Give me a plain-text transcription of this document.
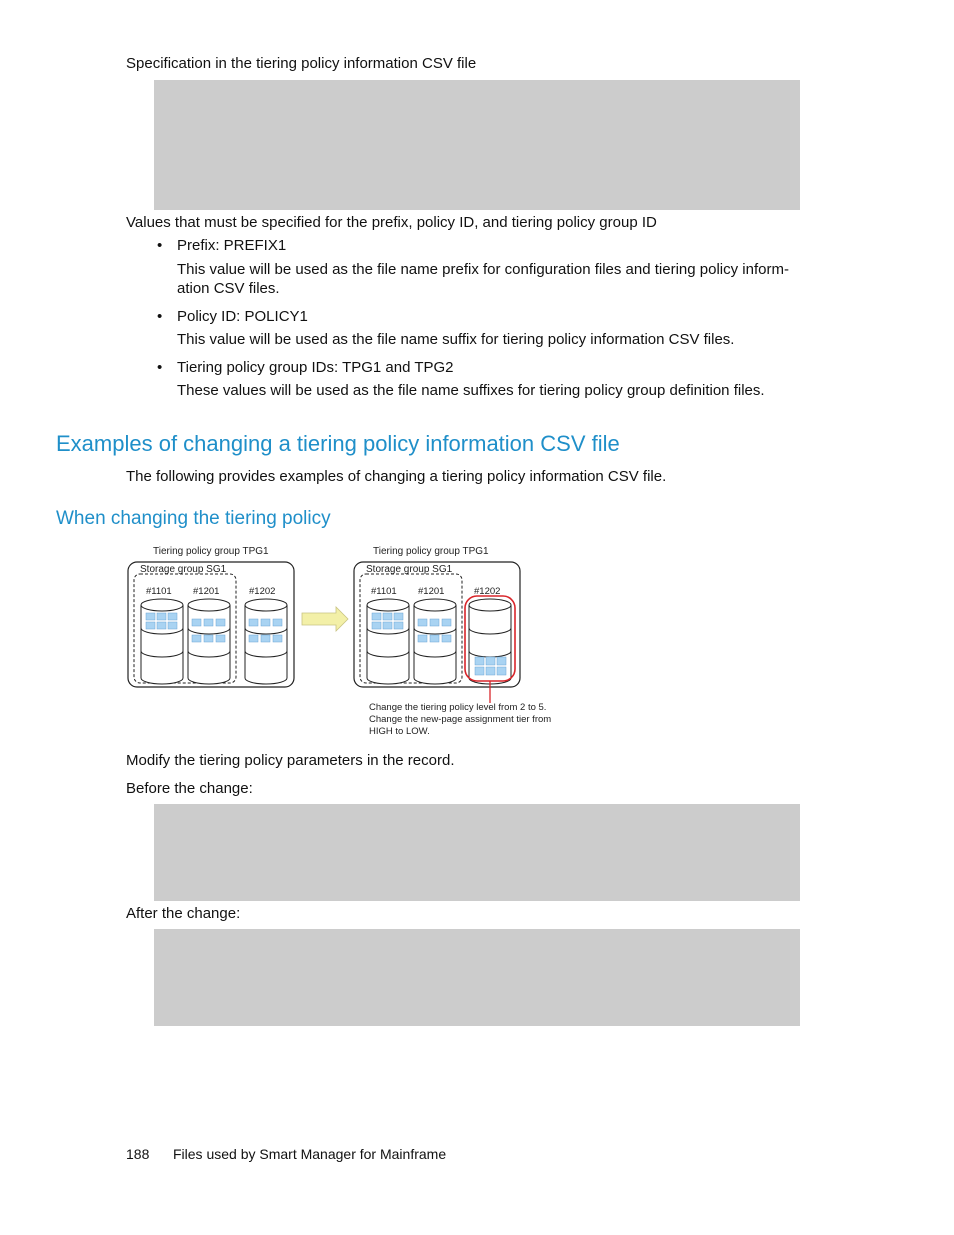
Specification in the tiering policy information CSV file
Values that must be specified for the prefix, policy ID, and tiering policy group ID
• Prefix: PREFIX1
This value will be used as the file name prefix for configuration files and tiering policy inform-
ation CSV files.
• Policy ID: POLICY1
This value will be used as the file name suffix for tiering policy information CSV files.
• Tiering policy group IDs: TPG1 and TPG2
These values will be used as the file name suffixes for tiering policy group definition files.
Examples of changing a tiering policy information CSV file
The following provides examples of changing a tiering policy information CSV file.
When changing the tiering policy
Tiering policy group TPG1
Storage group SG1
#1101 #1201	#1202
Tiering policy group TPG1
Storage group SG1
#1101 #1201	#1202
Change the tiering policy level from 2 to 5.
Change the new-page assignment tier from
HIGH to LOW.
Modify the tiering policy parameters in the record.
Before the change:
After the change:
188 Files used by Smart Manager for Mainframe
